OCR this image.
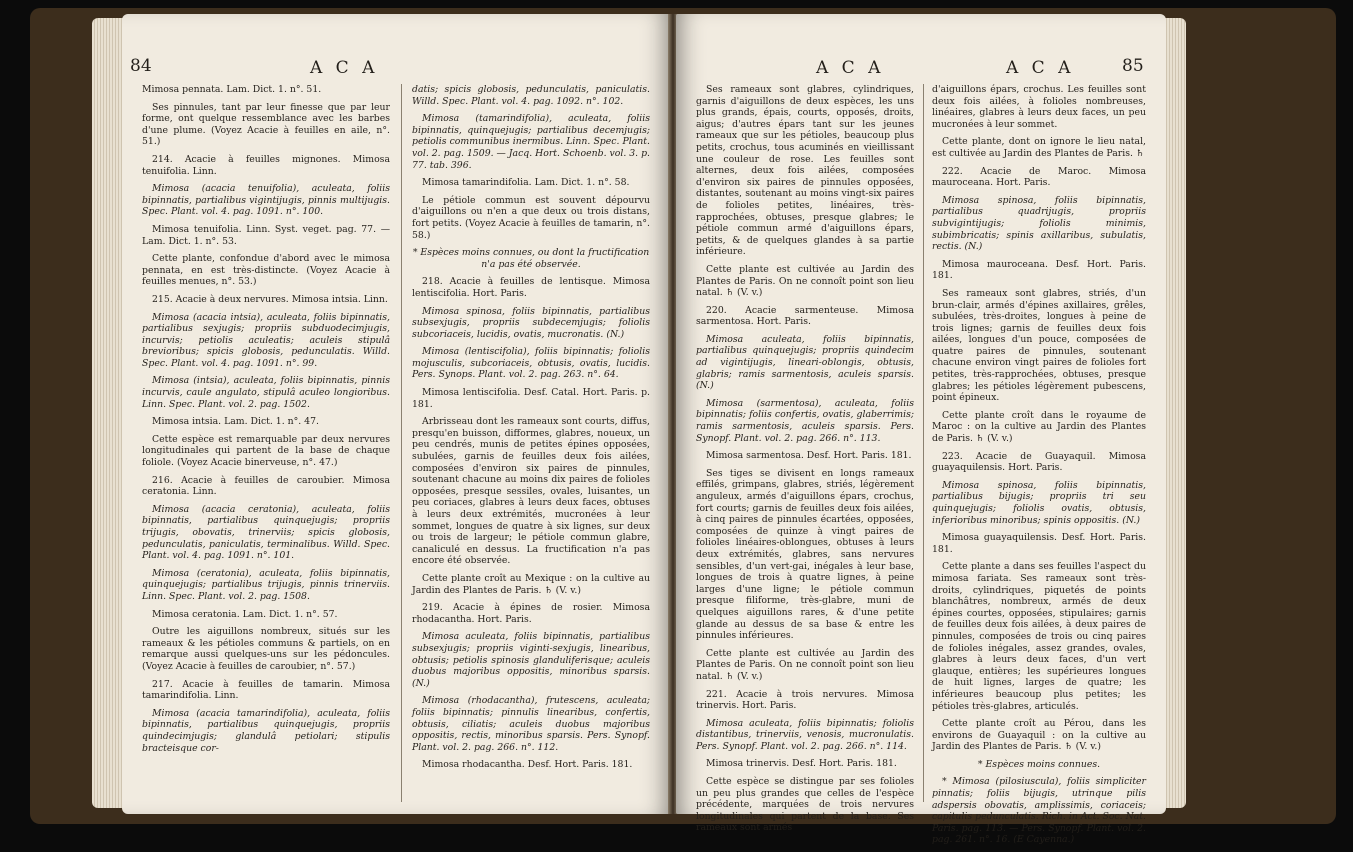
84	A C A

Mimosa pennata. Lam. Dict. 1. n°. 51.

Ses pinnules, tant par leur finesse que par leur forme, ont quelque ressemblance avec les barbes d'une plume. (Voyez Acacie à feuilles en aile, n°. 51.)

214. Acacie à feuilles mignones. Mimosa tenuifolia. Linn.

Mimosa (acacia tenuifolia), aculeata, foliis bipinnatis, partialibus vigintijugis, pinnis multijugis. Spec. Plant. vol. 4. pag. 1091. n°. 100.

Mimosa tenuifolia. Linn. Syst. veget. pag. 77. — Lam. Dict. 1. n°. 53.

Cette plante, confondue d'abord avec le mimosa pennata, en est très-distincte. (Voyez Acacie à feuilles menues, n°. 53.)

215. Acacie à deux nervures. Mimosa intsia. Linn.

Mimosa (acacia intsia), aculeata, foliis bipinnatis, partialibus sexjugis; propriis subduodecimjugis, incurvis; petiolis aculeatis; aculeis stipulâ brevioribus; spicis globosis, pedunculatis. Willd. Spec. Plant. vol. 4. pag. 1091. n°. 99.

Mimosa (intsia), aculeata, foliis bipinnatis, pinnis incurvis, caule angulato, stipulâ aculeo longioribus. Linn. Spec. Plant. vol. 2. pag. 1502.

Mimosa intsia. Lam. Dict. 1. n°. 47.

Cette espèce est remarquable par deux nervures longitudinales qui partent de la base de chaque foliole. (Voyez Acacie binerveuse, n°. 47.)

216. Acacie à feuilles de caroubier. Mimosa ceratonia. Linn.

Mimosa (acacia ceratonia), aculeata, foliis bipinnatis, partialibus quinquejugis; propriis trijugis, obovatis, trinerviis; spicis globosis, pedunculatis, paniculatis, terminalibus. Willd. Spec. Plant. vol. 4. pag. 1091. n°. 101.

Mimosa (ceratonia), aculeata, foliis bipinnatis, quinquejugis; partialibus trijugis, pinnis trinerviis. Linn. Spec. Plant. vol. 2. pag. 1508.

Mimosa ceratonia. Lam. Dict. 1. n°. 57.

Outre les aiguillons nombreux, situés sur les rameaux & les pétioles communs & partiels, on en remarque aussi quelques-uns sur les pédoncules. (Voyez Acacie à feuilles de caroubier, n°. 57.)

217. Acacie à feuilles de tamarin. Mimosa tamarindifolia. Linn.

Mimosa (acacia tamarindifolia), aculeata, foliis bipinnatis, partialibus quinquejugis, propriis quindecimjugis; glandulâ petiolari; stipulis bracteisque cor-

datis; spicis globosis, pedunculatis, paniculatis. Willd. Spec. Plant. vol. 4. pag. 1092. n°. 102.

Mimosa (tamarindifolia), aculeata, foliis bipinnatis, quinquejugis; partialibus decemjugis; petiolis communibus inermibus. Linn. Spec. Plant. vol. 2. pag. 1509. — Jacq. Hort. Schoenb. vol. 3. p. 77. tab. 396.

Mimosa tamarindifolia. Lam. Dict. 1. n°. 58.

Le pétiole commun est souvent dépourvu d'aiguillons ou n'en a que deux ou trois distans, fort petits. (Voyez Acacie à feuilles de tamarin, n°. 58.)

* Espèces moins connues, ou dont la fructification n'a pas été observée.

218. Acacie à feuilles de lentisque. Mimosa lentiscifolia. Hort. Paris.

Mimosa spinosa, foliis bipinnatis, partialibus subsexjugis, propriis subdecemjugis; foliolis subcoriaceis, lucidis, ovatis, mucronatis. (N.)

Mimosa (lentiscifolia), foliis bipinnatis; foliolis mojusculis, subcoriaceis, obtusis, ovatis, lucidis. Pers. Synops. Plant. vol. 2. pag. 263. n°. 64.

Mimosa lentiscifolia. Desf. Catal. Hort. Paris. p. 181.

Arbrisseau dont les rameaux sont courts, diffus, presqu'en buisson, difformes, glabres, noueux, un peu cendrés, munis de petites épines opposées, subulées, garnis de feuilles deux fois ailées, composées d'environ six paires de pinnules, soutenant chacune au moins dix paires de folioles opposées, presque sessiles, ovales, luisantes, un peu coriaces, glabres à leurs deux faces, obtuses à leurs deux extrémités, mucronées à leur sommet, longues de quatre à six lignes, sur deux ou trois de largeur; le pétiole commun glabre, canaliculé en dessus. La fructification n'a pas encore été observée.

Cette plante croît au Mexique : on la cultive au Jardin des Plantes de Paris. ♄ (V. v.)

219. Acacie à épines de rosier. Mimosa rhodacantha. Hort. Paris.

Mimosa aculeata, foliis bipinnatis, partialibus subsexjugis; propriis viginti-sexjugis, linearibus, obtusis; petiolis spinosis glanduliferisque; aculeis duobus majoribus oppositis, minoribus sparsis. (N.)

Mimosa (rhodacantha), frutescens, aculeata; foliis bipinnatis; pinnulis linearibus, confertis, obtusis, ciliatis; aculeis duobus majoribus oppositis, rectis, minoribus sparsis. Pers. Synopf. Plant. vol. 2. pag. 266. n°. 112.

Mimosa rhodacantha. Desf. Hort. Paris. 181.

A C A	A C A	85

Ses rameaux sont glabres, cylindriques, garnis d'aiguillons de deux espèces, les uns plus grands, épais, courts, opposés, droits, aigus; d'autres épars tant sur les jeunes rameaux que sur les pétioles, beaucoup plus petits, crochus, tous acuminés en vieillissant une couleur de rose. Les feuilles sont alternes, deux fois ailées, composées d'environ six paires de pinnules opposées, distantes, soutenant au moins vingt-six paires de folioles petites, linéaires, très-rapprochées, obtuses, presque glabres; le pétiole commun armé d'aiguillons épars, petits, & de quelques glandes à sa partie inférieure.

Cette plante est cultivée au Jardin des Plantes de Paris. On ne connoît point son lieu natal. ♄ (V. v.)

220. Acacie sarmenteuse. Mimosa sarmentosa. Hort. Paris.

Mimosa aculeata, foliis bipinnatis, partialibus quinquejugis; propriis quindecim ad vigintijugis, lineari-oblongis, obtusis, glabris; ramis sarmentosis, aculeis sparsis. (N.)

Mimosa (sarmentosa), aculeata, foliis bipinnatis; foliis confertis, ovatis, glaberrimis; ramis sarmentosis, aculeis sparsis. Pers. Synopf. Plant. vol. 2. pag. 266. n°. 113.

Mimosa sarmentosa. Desf. Hort. Paris. 181.

Ses tiges se divisent en longs rameaux effilés, grimpans, glabres, striés, légèrement anguleux, armés d'aiguillons épars, crochus, fort courts; garnis de feuilles deux fois ailées, à cinq paires de pinnules écartées, opposées, composées de quinze à vingt paires de folioles linéaires-oblongues, obtuses à leurs deux extrémités, glabres, sans nervures sensibles, d'un vert-gai, inégales à leur base, longues de trois à quatre lignes, à peine larges d'une ligne; le pétiole commun presque filiforme, très-glabre, muni de quelques aiguillons rares, & d'une petite glande au dessus de sa base & entre les pinnules inférieures.

Cette plante est cultivée au Jardin des Plantes de Paris. On ne connoît point son lieu natal. ♄ (V. v.)

221. Acacie à trois nervures. Mimosa trinervis. Hort. Paris.

Mimosa aculeata, foliis bipinnatis; foliolis distantibus, trinerviis, venosis, mucronulatis. Pers. Synopf. Plant. vol. 2. pag. 266. n°. 114.

Mimosa trinervis. Desf. Hort. Paris. 181.

Cette espèce se distingue par ses folioles un peu plus grandes que celles de l'espèce précédente, marquées de trois nervures longitudinales qui partent de la base. Ses rameaux sont armés

d'aiguillons épars, crochus. Les feuilles sont deux fois ailées, à folioles nombreuses, linéaires, glabres à leurs deux faces, un peu mucronées à leur sommet.

Cette plante, dont on ignore le lieu natal, est cultivée au Jardin des Plantes de Paris. ♄

222. Acacie de Maroc. Mimosa mauroceana. Hort. Paris.

Mimosa spinosa, foliis bipinnatis, partialibus quadrijugis, propriis subvigintijugis; foliolis minimis, subimbricatis; spinis axillaribus, subulatis, rectis. (N.)

Mimosa mauroceana. Desf. Hort. Paris. 181.

Ses rameaux sont glabres, striés, d'un brun-clair, armés d'épines axillaires, grêles, subulées, très-droites, longues à peine de trois lignes; garnis de feuilles deux fois ailées, longues d'un pouce, composées de quatre paires de pinnules, soutenant chacune environ vingt paires de folioles fort petites, très-rapprochées, obtuses, presque glabres; les pétioles légèrement pubescens, point épineux.

Cette plante croît dans le royaume de Maroc : on la cultive au Jardin des Plantes de Paris. ♄ (V. v.)

223. Acacie de Guayaquil. Mimosa guayaquilensis. Hort. Paris.

Mimosa spinosa, foliis bipinnatis, partialibus bijugis; propriis tri seu quinquejugis; foliolis ovatis, obtusis, inferioribus minoribus; spinis oppositis. (N.)

Mimosa guayaquilensis. Desf. Hort. Paris. 181.

Cette plante a dans ses feuilles l'aspect du mimosa fariata. Ses rameaux sont très-droits, cylindriques, piquetés de points blanchâtres, nombreux, armés de deux épines courtes, opposées, stipulaires; garnis de feuilles deux fois ailées, à deux paires de pinnules, composées de trois ou cinq paires de folioles inégales, assez grandes, ovales, glabres à leurs deux faces, d'un vert glauque, entières; les supérieures longues de huit lignes, larges de quatre; les inférieures beaucoup plus petites; les pétioles très-glabres, articulés.

Cette plante croît au Pérou, dans les environs de Guayaquil : on la cultive au Jardin des Plantes de Paris. ♄ (V. v.)

* Espèces moins connues.

* Mimosa (pilosiuscula), foliis simpliciter pinnatis; foliis bijugis, utrinque pilis adspersis obovatis, amplissimis, coriaceis; capitulis pedunculatis. Rich. in Act. Soc. Nat. Paris. pag. 113. — Pers. Synopf. Plant. vol. 2. pag. 261. n°. 16. (E Cayenna.)
